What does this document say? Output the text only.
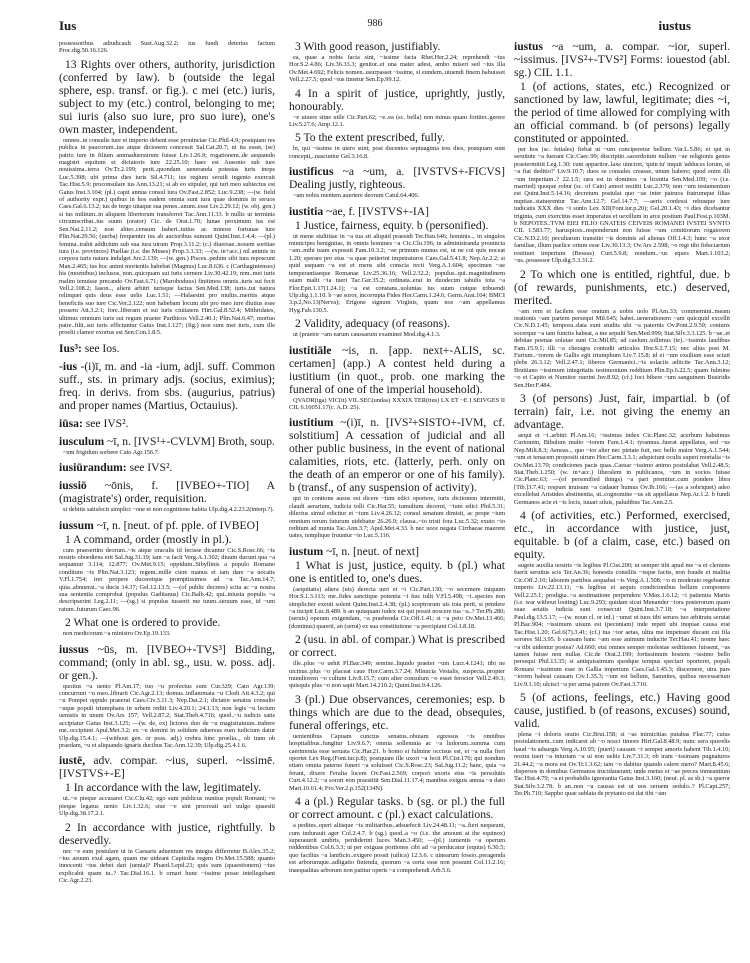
Ius	986	iustus

possessoribus adiudicault Suet.Aug.32.2; ius fundi deterius factum Proc.dig.50.16.126.

13 Rights over others, authority, jurisdiction (conferred by law). b (outside the legal sphere, esp. transf. or fig.). c mei (etc.) iuris, subject to my (etc.) control, belonging to me; sui iuris (also suo iure, pro suo iure), one's own master, independent.

omnes..in consulis iure et imperio debent esse prouinciae Cic.Phil.4.9; postquam res publica in paucorum..ius atque dicionem concessit Sal.Cat.20.7; ni ita esset, (se) patrio iure in filium animaduersurum fuisse Liv.1.26.9; rogationem..de aequando magistri equitum et dictatoris iure 22.25.10; haec est Ausonio sub iure nouissima..terra Ov.Tr.2.199; perit..quondam ueneranda potestas iuris inops Luc.5.398; ubi prima dies iuris Sil.4.711; ius regium seruili ingenio exercuit Tac.Hist.5.9; proconsulare ius Ann.13.21; si ab eo stipuler, qui iuri meo subiectus est Gaius Inst.3.104; (pl.) capit annua consul iura Ov.Fast.2.852; Luc.9.238; —(w. field of authority expr.) quibus in hos eadem omnia sunt iura quae dominis in seruos Caes.Gal.6.13.2; ius de tergo uitaque sua penes..unum..esse Liv.2.29.12; (w. obj. gen.) si ius militum..in aliquem libertorum transferret Tac.Ann.11.33. b nullis ut terminis circumscribat..ius suum (orator) Cic. de Orat.1.70; lunae proximum ius est Sen.Nat.2.11.2; non aliter..censum haberi..tutius ac minore fortunae iure Plin.Nat.29.56; (uerba) frequenter ius ab auctoribus sumunt Quint.Inst.1.4.4; —(pl.) femina..trahit addictum sub sua iura uirum Prop.3.11.2; (c.) diuersae..nouem sortitae iura (i.e. provinces) Puellae (i.e. the Muses) Prop.3.3.33; —(w. in+acc.) nil animis in corpora iuris natura indulget Juv.2.139; —(w. gen.) Pisces..pedum sibi iura reposcunt Man.2.465; ius hoc animi morientis habebat (Magnus) Luc.8.636. c (Carthaginienses) his (moenibus) inclusos, non..quicquam sui iuris cernere Liv.30.42.19; rem..mei iuris malim tenuisse precando Ov.Fast.6.71; (Maroboduus) finitimos omnis..iuris sui fecit Vell.2.108.2; Iason.., alieni arbitri iurisque factus Sen.Med.138; iuris..tui natura relinquet quis deus esse uelis Luc.1.51; —Halaesini pro multis..meritis atque beneficiis suo iure Cic.Ver.2.122; non habebam locum ubi pro meo iure diutius esse possem Att.3.2.1; fore..liberam et sui iuris ciuitatem Hirt.Gal.8.52.4; Mithridates, ultimus omnium iuris sui regum praeter Parthicos Vell.2.40.1; Plin.Nat.6.47; mortuo patre..filii..sui iuris efficiuntur Gaius Inst.1.127; (fig.) non sum mei iuris, cum ille proelii clamor exortus est Sen.Con.1.8.5.

Ius³: see Ios.

-ius -(i)ī, m. and -ia -ium, adjl. suff. Common suff., sts. in primary adjs. (socius, eximius); freq. in derivs. from sbs. (augurius, patrius) and proper names (Martius, Octauius).

iūsa: see IVS².

iusculum ~ī, n. [IVS¹+-CVLVM] Broth, soup.

~um frigidum sorbere Cato Agr.156.7.

iusiūrandum: see IVS².

iussiō ~ōnis, f. [IVBEO+-TIO] A (magistrate's) order, requisition.

si debitis satisfecit simplici ~one et non cognitione habita Ulp.dig.4.2.23.2(interp.?).

iussum ~ī, n. [neut. of pf. pple. of IVBEO]

1 A command, order (mostly in pl.).

cum praesertim deorum..~is atque oraculis id fecisse dicantur Cic.S.Rosc.66; ~is nostris oboediens erit Sal.Jug.31.19; iam ~a facit Verg.A.1.302; diuum ducunt qua ~a sequamur 3.114; 12.877; Ov.Met.9.15; oppidum..Sibyllinis a populo Romano conditum ~is Plin.Nat.3.123; regem..mille ciere manus et iam dare ~a uocatis V.Fl.1.754; iret propere duceretque promptissimos ad ~a Tac.Ann.14.7; quia..abnuerat..~a ducis 14.37; Gel.12.13.5; —(of public decrees) scita ac ~a nostra sua sententia comprobat (populus Gaditanus) Cic.Balb.42; qui..iniusta populis ~a descripserint Leg.2.11; —(sg.) si populus iusserit me tuum..seruum esse, id ~um ratum..futurum Caec.96.

2 What one is ordered to provide.

non medicorum ~a ministro Ov.Ep.19.133.

iussus ~ūs, m. [IVBEO+-TVS³] Bidding, command; (only in abl. sg., usu. w. poss. adj. or gen.).

quoiius ~u uenio Pl.Am.17; tuo ~u profectus sum Cur.329; Cato Agr.139; concurrunt ~u meo..librarii Cic.Agr.2.13; domus..inflammata ~u Clodi Att.4.3.2; qui ~u Pompei oppido praeerat Caes.Civ.3.11.3; Nep.Dat.2.1; dictator senatus consulto ~uque populi triumphans in urbem rediit Liv.4.20.1; 24.1.13; non legis ~u lectum uenistis in unum Ov.Ars 157; Vell.2.87.2; Stat.Theb.4.716; quod..~u iudicis satis accipiatur Gaius Inst.3.125; —(w. de, ex) lictores duo de ~u magistratuum..trahere me..occipiunt Apul.Met.3.2; ex ~u domini in solidum aduersus eum iudicium datur Ulp.dig.15.4.1; —(without gen. or poss. adj.) crebra hinc proelia.., ob iram ob praedam, ~u et aliquando ignaris ducibus Tac.Ann.12.39; Ulp.dig.25.4.1.6.

iustē, adv. compar. ~ius, superl. ~issimē. [IVSTVS+-E]

1 In accordance with the law, legitimately.

ut..~e pieque accusaret Cic.Clu.42; ego sum publicus nuntius populi Romani; ~e pieque legatus uenio Liv.1.32.6; siue ~e sint procreati uel uulgo quaesiti Ulp.dig.38.17.2.1.

2 In accordance with justice, rightfully. b deservedly.

nec ~e eum postulare ut in Caesaris aduentum res integra differretur B.Alex.35.2; ~ius aeuum exul agam, quam me uideant Capitolia regem Ov.Met.15.588; quanto innocenti ~ius debet dari (uenia)? Phaed.3.epil.23; quis eam (quaestionem) ~ius explicabit quam tu..? Tac.Dial.16.1. b ornari hunc ~issime posse intellegebant Cic.Agr.2.23.

3 With good reason, justifiably.

ea, quae a nobis facta sint, ~issime facta Rhet.Her.2.24; reprehendi ~ius Hor.S.2.4.86; Liv.36.33.3; genitor..et una mater adest, ambo miseri sed ~ius illa Ov.Met.4.692; Felicis nomen..usurpasset ~issime, si eundem..uiuendi finem habuisset Vell.2.27.5; quod ~ius timetur Sen.Ep.99.12.

4 In a spirit of justice, uprightly, justly, honourably.

~e uiuere sitne utile Cic.Part.62; ~e..ea (sc. bella) non minus quam fortiter..gerere Liv.5.27.6; Amp.12.1.

5 To the extent prescribed, fully.

hi, qui ~issime in utero sunt, post ducentos septuaginta tres dies, postquam sunt concepti,..nascuntur Gel.3.16.8.

iustificus ~a ~um, a. [IVSTVS+-FICVS] Dealing justly, righteous.

~am nobis mentem auertere deorum Catul.64.406.

iustitia ~ae, f. [IVSTVS+-IA]

1 Justice, fairness, equity. b (personified).

ut mene stultitiae in ~a tua sit aliquid praesidi Ter.Hau.646; hominis.., in singulos municipes benignitas, in omnis homines ~a Cic.Clu.196; in administranda prouincia ~am..mihi tuam exposuit Fam.10.3.2; ~ae primum munus est, ut ne cui quis noceat 1.20; sperare pro eius ~a quae petierint impetraturos Caes.Gal.5.41.8; Nep.Ar.2.2; si quid usquam ~a est et mens sibi conscia recti Verg.A.1.604; specimen ~ae temperantiaeque Romanae Liv.25.36.16; Vell.2.32.2; populus..qui..magnitudinem suam malit ~ia tueri Tac.Ger.35.2; ordinata..erat in duodecim tabulis tota ~a Flor.Epit.1.17(1.24.1); ~a est constans..uoluntas ius suum cuique tribuendi Ulp.dig.1.1.10. b ~ae soror, incorrupta Fides Hor.Carm.1.24.6; Germ.Arat.104; BMCI 3.p.2,No.13(Nerva); Erigone signum Virginis, quam nos ~am appellamus Hyg.Fab.130.5.

2 Validity, adequacy (of reasons).

ut (praetor ~am earum caussarum examinet Mod.dig.4.1.3.

iustitiāle ~is, n. [app. next+-ALIS, sc. certamen] (app.) A contest held during a iustitium (in quot., prob. one marking the funeral of one of the imperial household).

QVADR(iga) VIC(it) VII..SEC(undas) XXXIX TER(tius) LX ET ~E I SEIVGES II CIL 6.10051.17(c. A.D. 25).

iustitium ~(i)ī, n. [IVS²+SISTO+-IVM, cf. solstitium] A cessation of judicial and all other public business, in the event of national calamities, riots, etc. (latterly, perh. only on the death of an emperor or one of his family). b (transf., of any suspension of activity).

qui in contione ausus est dicere ~ium edici oportere, iuris dictionem intermitti, claudi aerarium, iudicia tolli Cic.Har.55; tumultum decerni, ~ium edici Phil.5.31; dilectus simul edicitur et ~ium Liv.4.26.12; consul senatum dimisit, ac prope ~ium omnium rerum futurum uidebatur 26.26.9; clausa..~io tristi fora Luc.5.32; exuto ~io reditum ad munia Tac.Ann.3.7; Apul.Met.4.33. b nec uoce negata Cirrhaeae maerent uates, templique fruuntur ~io Luc.5.116.

iustum ~ī, n. [neut. of next]

1 What is just, justice, equity. b (pl.) what one is entitled to, one's dues.

(aequitatis) altera (uis) derecta ueri et ~i Cic.Part.130; ~o secernere iniquum Hor.S.1.3.113; me..fides sanctique potentia ~i huc tulit V.Fl.5.498; ~i..species non simpliciter exeuti solent Quint.Inst.2.4.38; (pl.) sceptrorum uis tota perit, si pendere ~a incipit Luc.8.489. b an quisquam iudex est qui possit noscere tua ~a..? Ter.Ph.280; (seruis) operam exigendam, ~a praebenda Cic.Off.1.41; si ~a peto Ov.Met.13.466; (dominus) quaerit, an (serui) ex sua constitutione ~a percipiant Col.1.8.18.

2 (usu. in abl. of compar.) What is prescribed or correct.

ille..plus ~o uehit Pl.Bac.349; semine..liquido praeter ~um Lucr.4.1241; tibi ne uicinus..plus ~o placeat caue Hor.Carm.3.7.24; Minucia Vestalis, suspecta..propter mundiorem ~o cultum Liv.8.15.7; cum alter consulum ~o esset ferocior Vell.2.49.3; quisquis plus ~o non sapit Mart.14.210.2; Quint.Inst.9.4.126.

3 (pl.) Due observances, ceremonies; esp. b things which are due to the dead, obsequies, funeral offerings, etc.

uenientibus Capuam cunctus senatus..obuiam egressus ~is omnibus hospitalibus..fungitur Liv.9.6.7; omnia sollemnia ac ~a ludorum..summa cum caerimonia esse seruata Cic.Har.21. b homo si fulmine occisus est, ei ~a nulla fieri oportet Lex Reg.(Font.iur.p.8); postquam ille uxori ~a fecit Pl.Cist.176; qui nondum etiam omnia paterno funeri ~a soluisset Cic.S.Rosc.23; Sal.Jug.11.2; hanc, quia ~a ferant, dixere Feralia lucem Ov.Fast.2.569; corpori uxoris eius ~is persolutis Curt.4.12.2; ~a sorori non praestitit Sen.Dial.11.17.4; manibus exiguis annua ~a dato Mart.10.61.4; Fro.Ver.2.p.152(134N).

4 a (pl.) Regular tasks. b (sg. or pl.) the full or correct amount. c (pl.) exact calculations.

a pedites..operi aliisque ~is militaribus..adsuefecit Liv.24.48.11; ~a..fieri nequeunt, cum indurauit ager Col.2.4.7. b (sg.) quod..a ~o (i.e. the amount at the equinox) superauerit umbris, perdiderint luces Man.3.450; —(pl.) iumentis ~a operum reddentibus Col.6.3.3; ut per exiguas portiones cibi ad ~a perducatur (equus) 6.30.5; quo facilius ~a lanificio..exigere possit (uilica) 12.3.6. c uinearum fossio..peragenda est arborumque..adligatio finienda, quorum ~a certa esse non possunt Col.11.2.16; inaequalitas arborum non patitur operis ~a comprehendi Arb.5.6.

iustus ~a ~um, a. compar. ~ior, superl. ~issimus. [IVS²+-TVS²] Forms: iouestod (abl. sg.) CIL 1.1.

1 (of actions, states, etc.) Recognized or sanctioned by law, lawful, legitimate; dies ~i, the period of time allowed for complying with an official command. b (of persons) legally constituted or appointed.

per hos (sc. fetiales) fiebat ut ~um conciperetur bellum Var.L.5.86; ei qui in seruitute ~a fuerant Cic.Caec.99; discriptio..sacerdotum nullum ~ae religionis genus praetermittit Leg.1.30; cum apparitor..laxe uinciret, 'quin tu' inquit 'adduces lorum, ut ~a fiat deditio?' Liv.9.10.7; duos se consules creasse, unum habere; quod enim illi ~um imperium..? 22.1.5; rara est in dominos ~a licentia Sen.Med.109; ~o (i.e. married) quoque robur (sc. of Cato) amori restitit Luc.2.379; non ~um testamentum est Quint.Inst.5.14.16; decretum postulat quo ~ae inter patruos fratrumque filias nuptiae..statuerentur Tac.Ann.12.7; Gel.14.7.7; —aeris confessi rebusque iure iudicatis XXX dies ~i sunto Lex XII(Font.iur.p.20); Gel.20.1.43; ~i dies dicebantur triginta, cum exercitus esset imperatus et uexillum in arce positum Paul.Fest.p.103M. b NEPOTES..TVM EIEI FILIO GNATEIS CEIVEIS ROMANEI IVSTEI SVNTO CIL 1.583.77; haruspices..responderunt non fuisse ~um comitiorum rogatorem Cic.N.D.2.10; peculiarum transitio ~is dominis ad alienas Off.1.4.3; hunc ~a uxor familiae, illum paelice ortum esse Liv.30.13.3; Ov.Ars 2.598; ~o regi tibi fiduciarium restituet imperium (Bessus) Curt.5.9.8; nondum..~us eques Mart.1.103.2; ~us..possessor Ulp.dig.5.3.31.2.

2 To which one is entitled, rightful, due. b (of rewards, punishments, etc.) deserved, merited.

~am rem et facilem esse oratum a uobis uolo Pl.Am.33; commemini..meam orationis ~am partem persequi Mil.645; habet..uenerationem ~am quicquid excellit Cic.N.D.1.45; tempora..data sunt studiis ubi ~a paternis Ov.Pont.2.9.59; coniunx socerque ~a iam functis habeat, a me sepulti Sen.Med.999; Stat.Silv.3.3.125. b ~ae..et debitae poenae solutae sunt Cic.Mil.85; ad caelum..tollimus (te)..~issimis laudibus Fam.15.9.1; illi ~a cheragra contudit articulos Hor.S.2.7.15; nec alius post M. Furium..~iorem de Gallis egit triumphum Liv.7.15.8; id ei ~um exsilium esse sciuit plebs 26.3.12; Vell.2.47.1; liberos Germanici..~is solaciis adiicite Tac.Ann.3.12; Bruttiano ~issimum integritatis testimonium redditum Plin.Ep.6.22.5; quam fulmine ~o et Capito et Numitor ruerint Juv.8.92; (cf.) foci bibere ~um sanguinem Busiridis Sen.Her.F.484.

3 (of persons) Just, fair, impartial. b (of terrain) fair, i.e. not giving the enemy an advantage.

aequi et ~i..arbitri Pl.Am.16; ~issimus index Cic.Planc.32; acerbum habuimus Curionem, Bibulum multo ~iorem Fam.1.4.1; tyrannus..fuerat appellatus, sed ~us Nep.Milt.8.3; Aeneas.., quo ~ior alter nec pietate fuit, nec bello maior Verg.A.1.544; ~um et tenacem propositi uirum Hor.Carm.3.3.1; adspiciunt oculis superi mortalia ~is Ov.Met.13.70; condiciones pacis quas..Caesar ~issimo animo postulabat Vell.2.48.5; Stat.Theb.1.250; (w. in+acc.) liberalem in publicanos, ~um in socios fuisse Cic.Planc.63; —(of personified things) ~a pari premitur..cum pondere libra [Tib.]3.7.41; respuet inuisum ~a cadauer humus Ov.Ib.166; —(as a sobriquet) adeo excellebat Aristides abstinentia, ut..cognomine ~us sit appellatus Nep.Ar.1.2. b fundi Germanos acie et ~is locis, iuuari siluis, paludibus Tac.Ann.2.5.

4 (of activities, etc.) Performed, exercised, etc., in accordance with justice, just, equitable. b (of a claim, case, etc.) based on equity.

augete auxilia uostris ~is legibus Pl.Cist.200; ut semper tibi apud me ~a et clemens fuerit seruitus scis Ter.An.36; honestis consiliis ~isque factis, non fraude et malitia Cic.Off.2.10; laborem partibus aequabat ~is Verg.A.1.508; ~o et moderato regebantur imperio Liv.22.13.11; ~is legibus et aequis condicionibus bellum componere Vell.2.25.1; prodigia..~a aestimatione perpendere V.Max.1.6.12; ~i patientia Martis (i.e. war without looting) Luc.9.293; quidam sicut Menander ~iora posterorum quam suae aetatis iudicia sunt consecuti Quint.Inst.3.7.18; ~a interpretatione Paul.dig.13.5.17; —(w. noun cl. or inf.) ~umst ut tuos tibi seruos tuo arbitratu seruiat Pl.Bac.904; ~issimum uisum est (pecuniam) inde repeti ubi inopiae causa erat Tac.Hist.1.20; Gel.6(7).3.41; (cf.) tua ~ior aetas, ultra me impetrare ducant cui fila sorores Sil.3.95. b causam hanc ~am esse animum inducite Ter.Hau.41; nonne haec ~a tibi uidentur postea? Ad.660; etsi omnes semper molestae seditiones fuissent, ~as tamen fuisse non nullas Cic.de Orat.2.199; fortissimum hostem ~issimo bello persequi Phil.13.35; si antiquissimum quodque tempus spectari oporteret, populi Romani ~issimum esse in Gallia imperium Caes.Gal.1.45.3; discernere, utra pars ~iorem habeat causam Civ.1.35.3; ~um est bellum, Samnites, quibus necessarium Liv.9.1.10; ulcisci ~a per arma patrem Ov.Fast.3.710.

5 (of actions, feelings, etc.) Having good cause, justified. b (of reasons, excuses) sound, valid.

plena ~i doloris oratio Cic.Brut.158; si ~as inimicitias putabas Flac.77; cuius postulationem..cum indicaret ab ~o nosci timore Hirt.Gal.8.48.9; nunc sera querelis haud ~is adsurgis Verg.A.10.95; (pueri) causam ~i semper amoris habent Tib.1.4.10; nostra tueri ~a iniuriam ~a ui non ueltis Liv.7.31.3; ob iram ~issimam pugnaturos 21.44.2; ~a mora est Ov.Tr.1.3.62; tam ~o dabitur quando calere mero? Mart.8.45.6; dispersos in domibus Germanos trucidauerant; unde metus et ~ae preces inmeantium Tac.Hist.4.79; ~a et probabilis ignorantia Gaius Inst.3.160; (neut. pl. as sb.) ~a queror Stat.Silv.3.2.78. b an..non ~a caussa est ut uos seruem sedulo..? Pl.Capt.257; Ter.Ph.710; Sappho quae sublata de prytanio est dat tibi ~am
